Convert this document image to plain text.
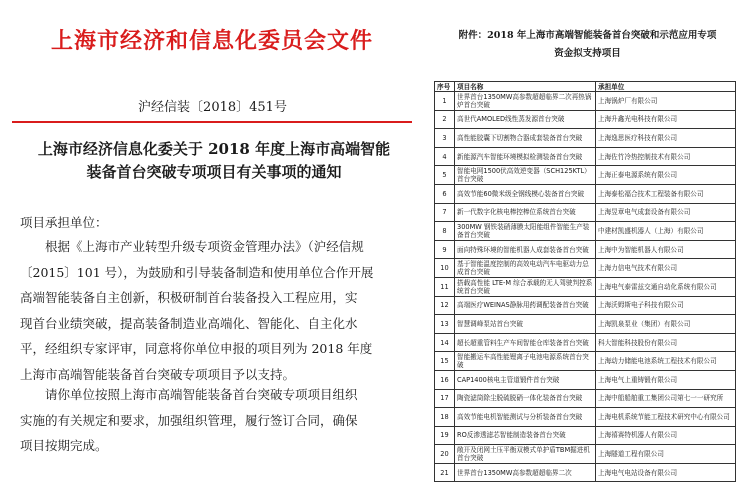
上海市经济和信息化委员会文件
沪经信装〔2018〕451号
上海市经济信息化委关于 2018 年度上海市高端智能
装备首台突破专项项目有关事项的通知
项目承担单位：
　　根据《上海市产业转型升级专项资金管理办法》（沪经信规
〔2015〕101 号），为鼓励和引导装备制造和使用单位合作开展
高端智能装备自主创新，积极研制首台装备投入工程应用，实
现首台业绩突破，提高装备制造业高端化、智能化、自主化水
平，经组织专家评审，同意将你单位申报的项目列为 2018 年度
上海市高端智能装备首台突破专项项目予以支持。
　　请你单位按照上海市高端智能装备首台突破专项项目组织
实施的有关规定和要求，加强组织管理，履行签订合同，确保
项目按期完成。
附件：2018 年上海市高端智能装备首台突破和示范应用专项
资金拟支持项目
序号	项目名称	承担单位
1	世界首台1350MW高参数超超临界二次再热锅炉首台突破	上海锅炉厂有限公司
2	高世代AMOLED线性蒸发源首台突破	上海升鑫光电科技有限公司
3	高性能胶囊下切割物合器成套装备首台突破	上海逸思医疗科技有限公司
4	新能源汽车智能环境模拟检测装备首台突破	上海佐竹冷热控制技术有限公司
5	智能电网1500伏高效逆变器（SCH125KTL）首台突破	上海正泰电源系统有限公司
6	高效节能60微米级全钢线模心装备首台突破	上海泰松福合技术工程装备有限公司
7	新一代数字化核电棒控棒位系统首台突破	上海昱章电气成套设备有限公司
8	300MW 钢铁装硝薄膜太阳能组件智能生产装备首台突破	中建材凯盛机器人（上海）有限公司
9	面向特殊环境的智能机器人成套装备首台突破	上海中为智能机器人有限公司
10	基于智能温度控制的高效电动汽车电驱动力总成首台突破	上海力信电气技术有限公司
11	搭载高性能 LTE-M 综合承载的无人驾驶判控系统首台突破	上海电气泰雷兹交通自动化系统有限公司
12	高端医疗WEINAS静脉用药调配装备首台突破	上海沃姆斯电子科技有限公司
13	智慧调峰泵站首台突破	上海凯泉泵业（集团）有限公司
14	超长超重管料生产车间智能仓库装备首台突破	科大智能科技股份有限公司
15	智能搬运车高性能锂离子电池电源系统首台突破	上海动力储能电池系统工程技术有限公司
16	CAP1400核电主管道锻件首台突破	上海电气上重铸锻有限公司
17	陶瓷滤筒除尘脱硫脱硝一体化装备首台突破	上海中船船舶重工集团公司第七一一研究所
18	高效节能电机智能测试与分析装备首台突破	上海电机系统节能工程技术研究中心有限公司
19	RO反渗透滤芯智能制造装备首台突破	上海禧赛特机器人有限公司
20	敞开及闭网土压平衡双模式单护盾TBM掘进机首台突破	上海隧道工程有限公司
21	世界首台1350MW高参数超超临界二次	上海电气电站设备有限公司
